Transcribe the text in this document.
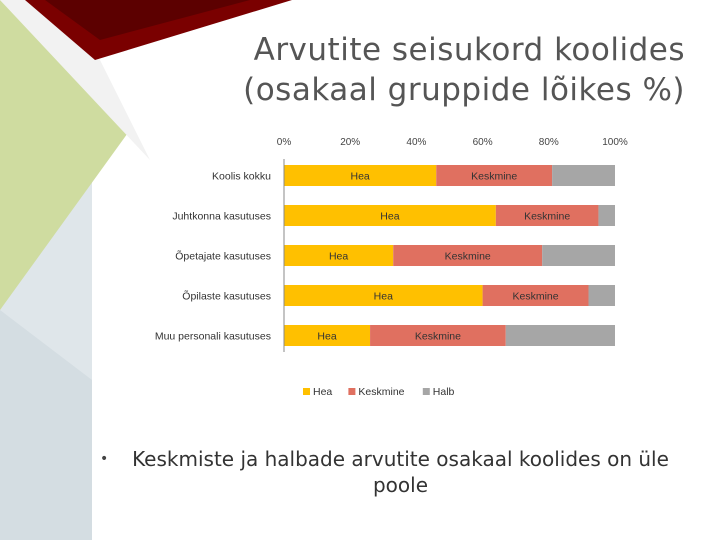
Arvutite seisukord koolides
(osakaal gruppide lõikes %)
0%	20%	40%	60%	80%	100%
Koolis kokku	Hea	Keskmine
Juhtkonna kasutuses	Hea	Keskmine
Õpetajate kasutuses	Hea	Keskmine
Õpilaste kasutuses	Hea	Keskmine
Muu personali kasutuses	Hea	Keskmine
Hea Keskmine	Halb
• Keskmiste ja halbade arvutite osakaal koolides on üle poole
